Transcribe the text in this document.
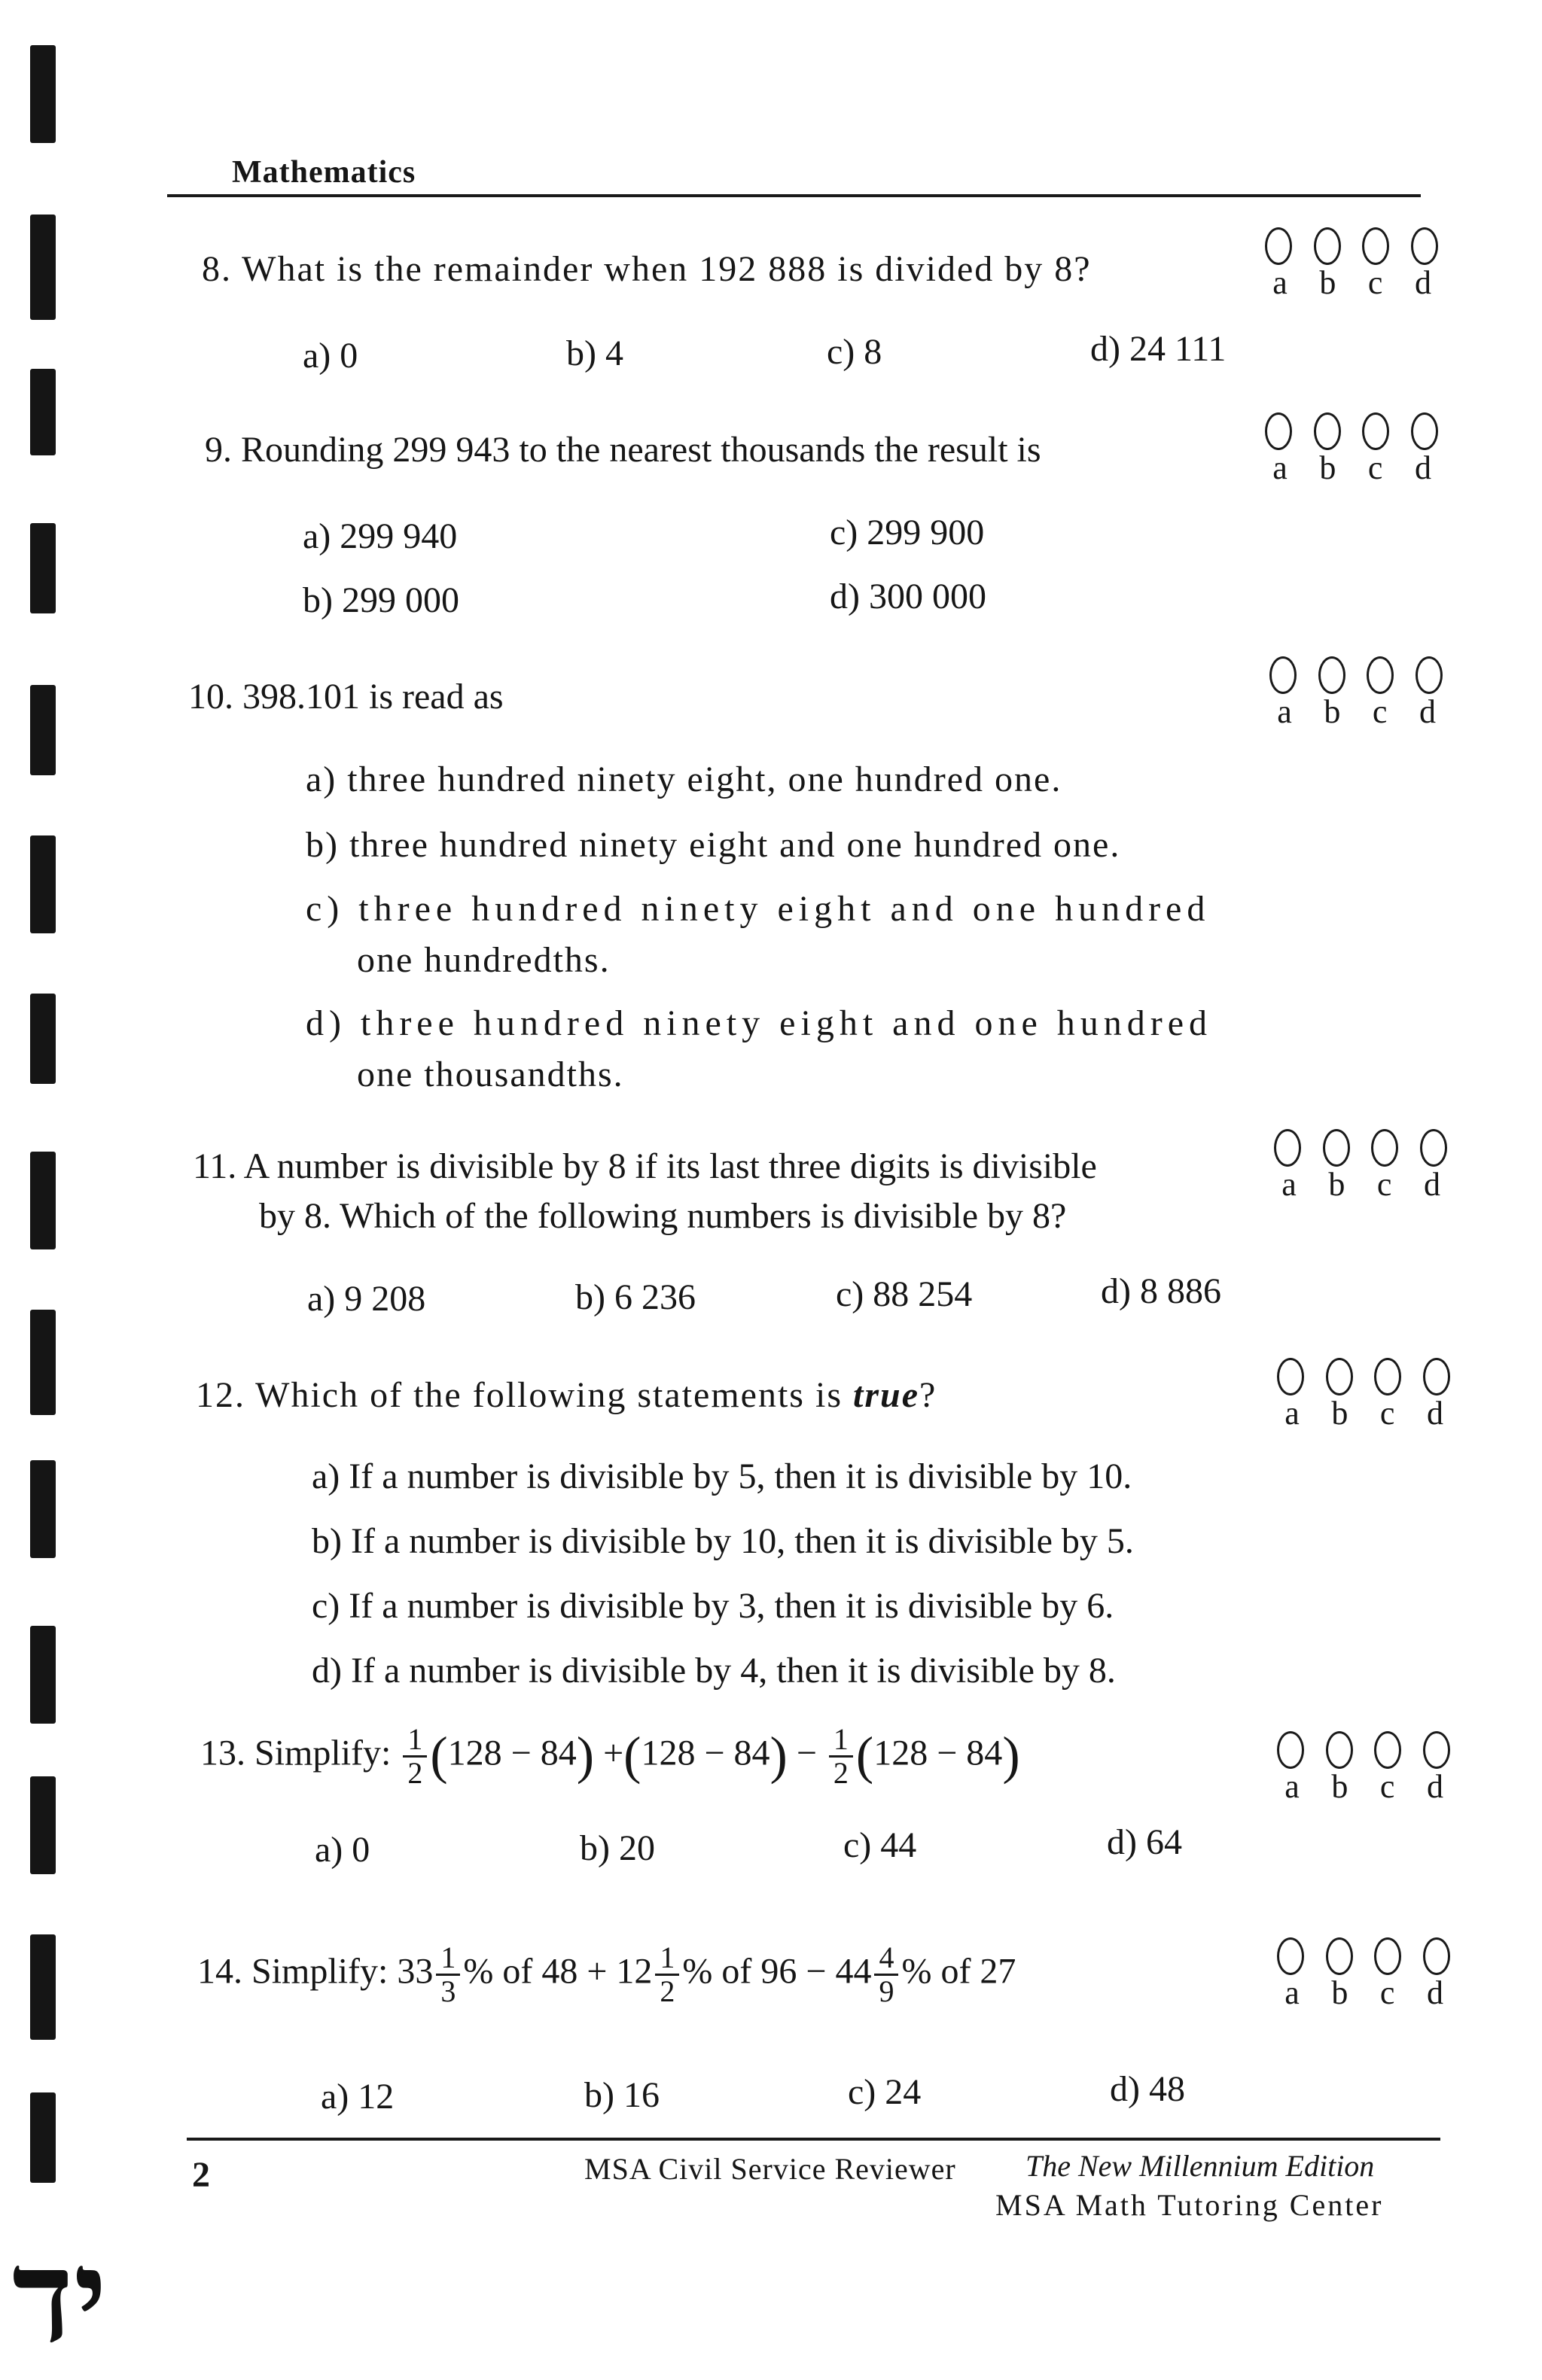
יד
Mathematics
8. What is the remainder when 192 888 is divided by 8?	a b c d
a) 0	b) 4	c) 8	d) 24 111
9. Rounding 299 943 to the nearest thousands the result is	a b c d
a) 299 940
b) 299 000
c) 299 900
d) 300 000
10. 398.101 is read as	a b c d
a) three hundred ninety eight, one hundred one.
b) three hundred ninety eight and one hundred one.
c) three hundred ninety eight and one hundred
one hundredths.
d) three hundred ninety eight and one hundred
one thousandths.
11. A number is divisible by 8 if its last three digits is divisible
by 8. Which of the following numbers is divisible by 8?
a b c d
a) 9 208	b) 6 236	c) 88 254	d) 8 886
12. Which of the following statements is true?	a b c d
a) If a number is divisible by 5, then it is divisible by 10.
b) If a number is divisible by 10, then it is divisible by 5.
c) If a number is divisible by 3, then it is divisible by 6.
d) If a number is divisible by 4, then it is divisible by 8.
13. Simplify: $\frac{1}{2} (128 - 84) +(128 - 84) - \frac{1}{2} (128 - 84)$
a b c d
a) 0	b) 20	c) 44	d) 64
14. Simplify: $33 \frac{1}{3}$ % of $48 + 12 \frac{1}{2}$ % of $96 - 44 \frac{4}{9}$ % of 27
a b c d
a) 12	b) 16	c) 24	d) 48
2	MSA Civil Service Reviewer The New Millennium Edition
MSA Math Tutoring Center
